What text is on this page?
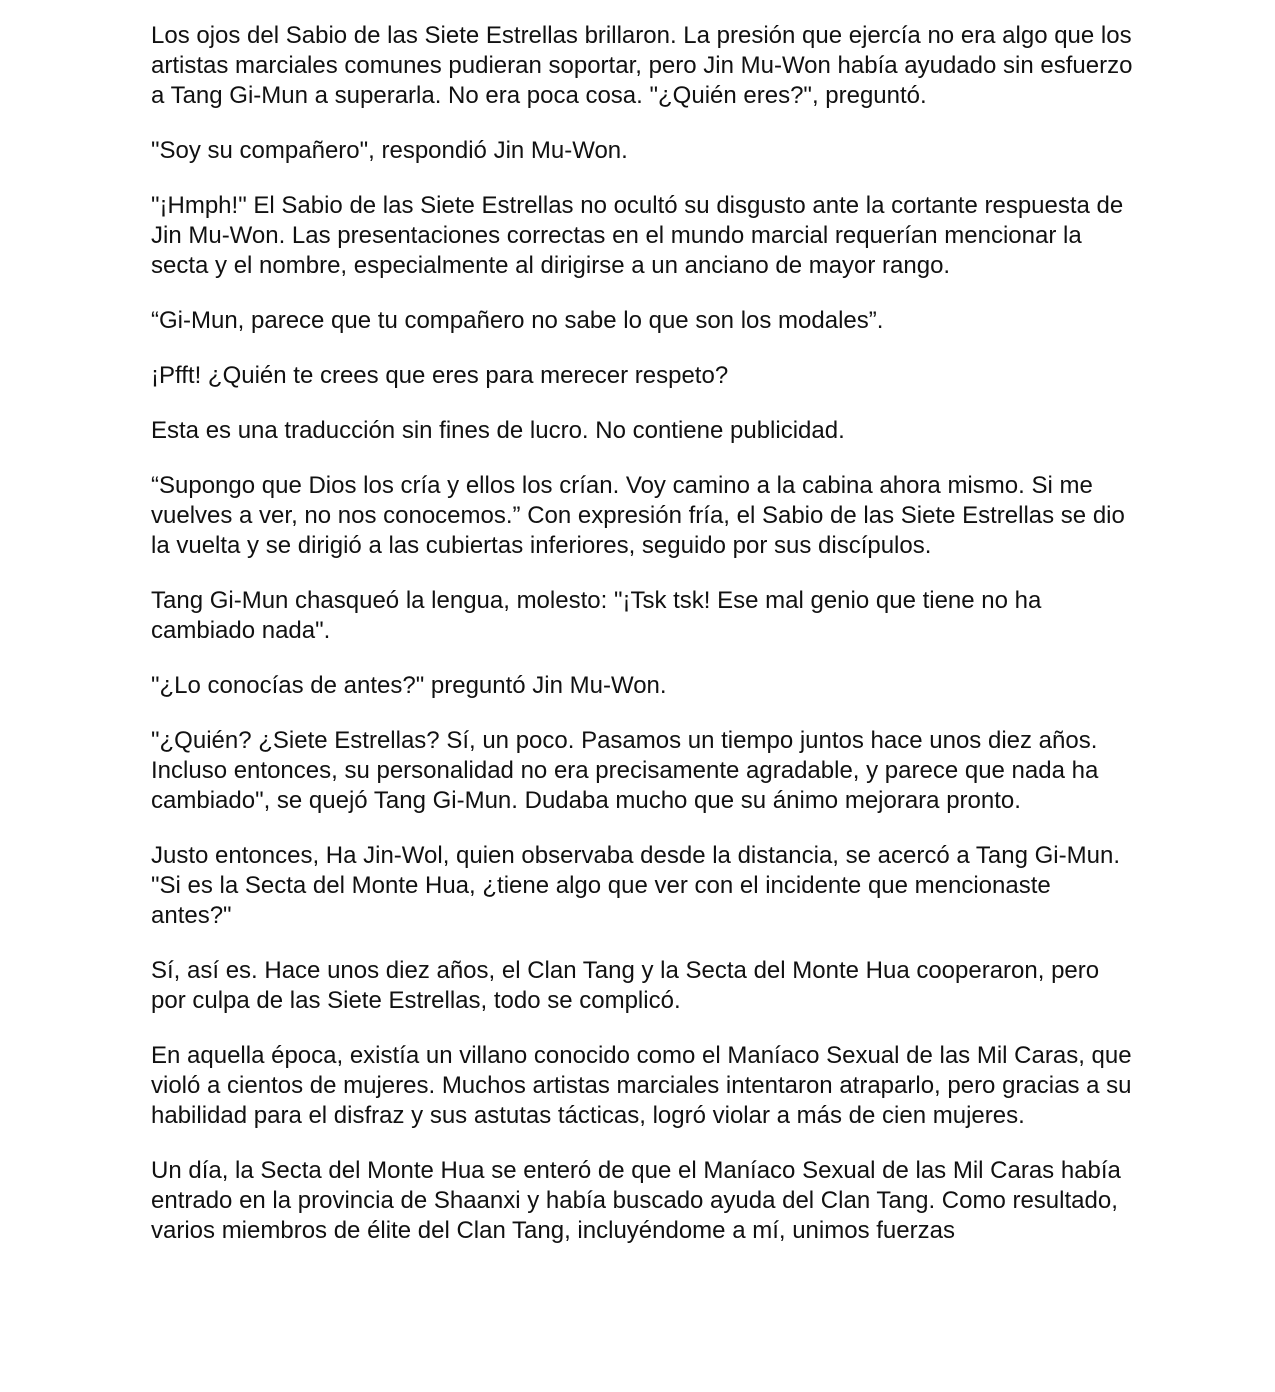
Los ojos del Sabio de las Siete Estrellas brillaron. La presión que ejercía no era algo que los artistas marciales comunes pudieran soportar, pero Jin Mu-Won había ayudado sin esfuerzo a Tang Gi-Mun a superarla. No era poca cosa. "¿Quién eres?", preguntó.

"Soy su compañero", respondió Jin Mu-Won.

"¡Hmph!" El Sabio de las Siete Estrellas no ocultó su disgusto ante la cortante respuesta de Jin Mu-Won. Las presentaciones correctas en el mundo marcial requerían mencionar la secta y el nombre, especialmente al dirigirse a un anciano de mayor rango.

“Gi-Mun, parece que tu compañero no sabe lo que son los modales”.

¡Pfft! ¿Quién te crees que eres para merecer respeto?

Esta es una traducción sin fines de lucro. No contiene publicidad.

“Supongo que Dios los cría y ellos los crían. Voy camino a la cabina ahora mismo. Si me vuelves a ver, no nos conocemos.” Con expresión fría, el Sabio de las Siete Estrellas se dio la vuelta y se dirigió a las cubiertas inferiores, seguido por sus discípulos.

Tang Gi-Mun chasqueó la lengua, molesto: "¡Tsk tsk! Ese mal genio que tiene no ha cambiado nada".

"¿Lo conocías de antes?" preguntó Jin Mu-Won.

"¿Quién? ¿Siete Estrellas? Sí, un poco. Pasamos un tiempo juntos hace unos diez años. Incluso entonces, su personalidad no era precisamente agradable, y parece que nada ha cambiado", se quejó Tang Gi-Mun. Dudaba mucho que su ánimo mejorara pronto.

Justo entonces, Ha Jin-Wol, quien observaba desde la distancia, se acercó a Tang Gi-Mun. "Si es la Secta del Monte Hua, ¿tiene algo que ver con el incidente que mencionaste antes?"

Sí, así es. Hace unos diez años, el Clan Tang y la Secta del Monte Hua cooperaron, pero por culpa de las Siete Estrellas, todo se complicó.

En aquella época, existía un villano conocido como el Maníaco Sexual de las Mil Caras, que violó a cientos de mujeres. Muchos artistas marciales intentaron atraparlo, pero gracias a su habilidad para el disfraz y sus astutas tácticas, logró violar a más de cien mujeres.

Un día, la Secta del Monte Hua se enteró de que el Maníaco Sexual de las Mil Caras había entrado en la provincia de Shaanxi y había buscado ayuda del Clan Tang. Como resultado, varios miembros de élite del Clan Tang, incluyéndome a mí, unimos fuerzas
